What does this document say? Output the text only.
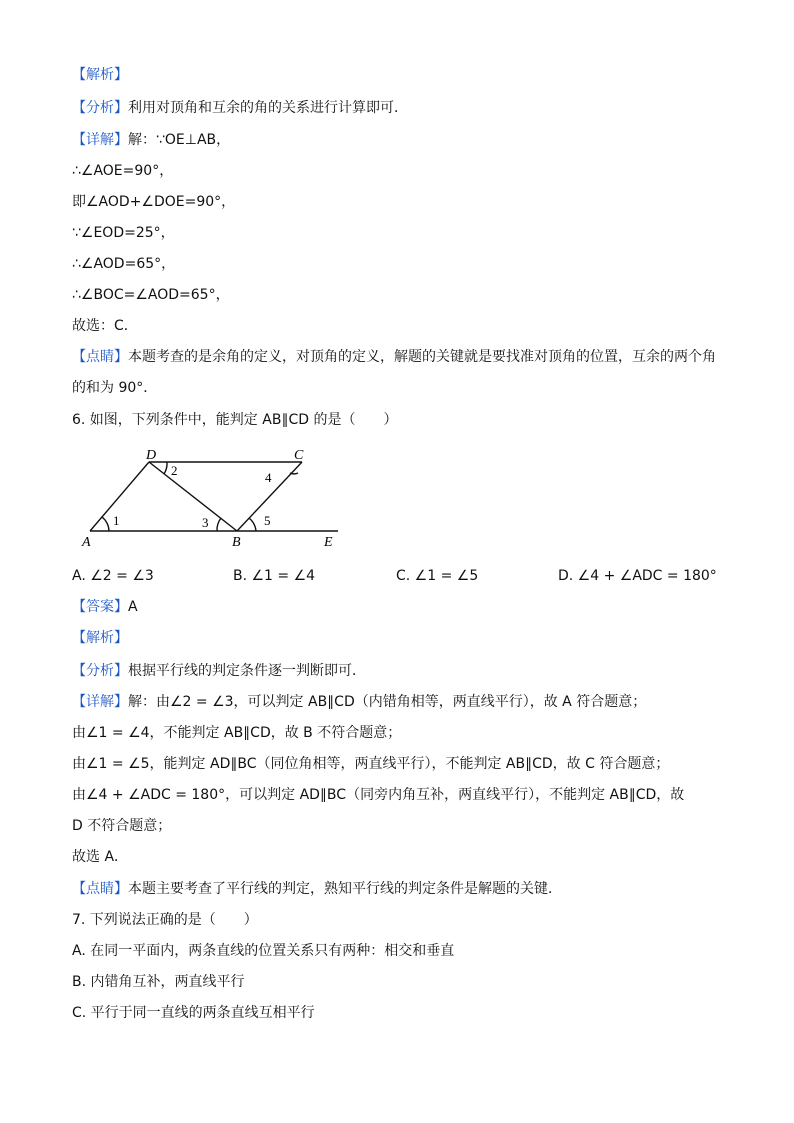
【解析】
【分析】利用对顶角和互余的角的关系进行计算即可．
【详解】解：∵OE⊥AB，
∴∠AOE=90°，
即∠AOD+∠DOE=90°，
∵∠EOD=25°，
∴∠AOD=65°，
∴∠BOC=∠AOD=65°，
故选：C．
【点睛】本题考查的是余角的定义，对顶角的定义，解题的关键就是要找准对顶角的位置，互余的两个角
的和为 90°．
6. 如图，下列条件中，能判定 AB∥CD 的是（　　）
A	B
C
D
E
1
2
3
4
5
A. ∠2 = ∠3	B. ∠1 = ∠4	C. ∠1 = ∠5	D. ∠4 + ∠ADC = 180°
【答案】A
【解析】
【分析】根据平行线的判定条件逐一判断即可．
【详解】解：由∠2 = ∠3，可以判定 AB∥CD（内错角相等，两直线平行），故 A 符合题意；
由∠1 = ∠4，不能判定 AB∥CD，故 B 不符合题意；
由∠1 = ∠5，能判定 AD∥BC（同位角相等，两直线平行），不能判定 AB∥CD，故 C 符合题意；
由∠4 + ∠ADC = 180°，可以判定 AD∥BC（同旁内角互补，两直线平行），不能判定 AB∥CD，故
D 不符合题意；
故选 A．
【点睛】本题主要考查了平行线的判定，熟知平行线的判定条件是解题的关键．
7. 下列说法正确的是（　　）
A. 在同一平面内，两条直线的位置关系只有两种：相交和垂直
B. 内错角互补，两直线平行
C. 平行于同一直线的两条直线互相平行
